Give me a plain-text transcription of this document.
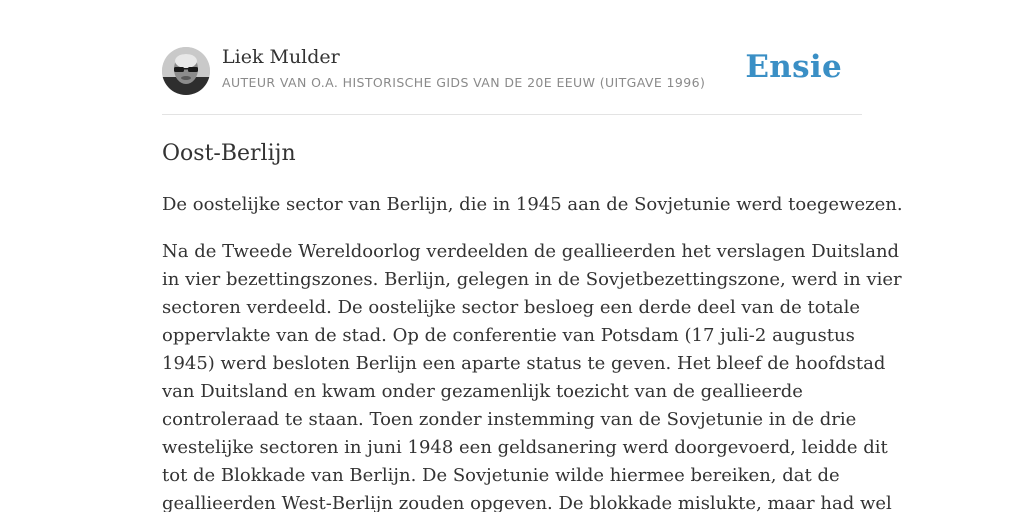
Liek Mulder
AUTEUR VAN O.A. HISTORISCHE GIDS VAN DE 20E EEUW (UITGAVE 1996) Ensie
Oost-Berlijn

De oostelijke sector van Berlijn, die in 1945 aan de Sovjetunie werd toegewezen.

Na de Tweede Wereldoorlog verdeelden de geallieerden het verslagen Duitsland
in vier bezettingszones. Berlijn, gelegen in de Sovjetbezettingszone, werd in vier
sectoren verdeeld. De oostelijke sector besloeg een derde deel van de totale
oppervlakte van de stad. Op de conferentie van Potsdam (17 juli-2 augustus
1945) werd besloten Berlijn een aparte status te geven. Het bleef de hoofdstad
van Duitsland en kwam onder gezamenlijk toezicht van de geallieerde
controleraad te staan. Toen zonder instemming van de Sovjetunie in de drie
westelijke sectoren in juni 1948 een geldsanering werd doorgevoerd, leidde dit
tot de Blokkade van Berlijn. De Sovjetunie wilde hiermee bereiken, dat de
geallieerden West-Berlijn zouden opgeven. De blokkade mislukte, maar had wel
